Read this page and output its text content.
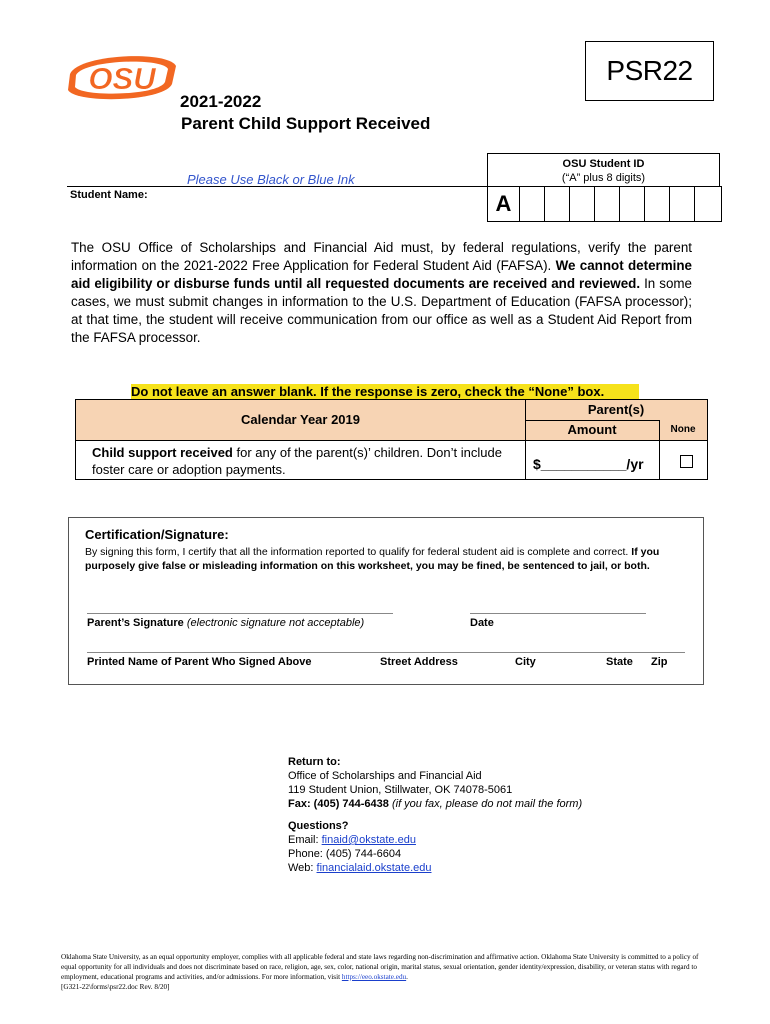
OSU	PSR22
2021-2022
Parent Child Support Received
Please Use Black or Blue Ink
OSU Student ID
(“A” plus 8 digits)
A
Student Name:
The OSU Office of Scholarships and Financial Aid must, by federal regulations, verify the parent information on the 2021-2022 Free Application for Federal Student Aid (FAFSA). We cannot determine aid eligibility or disburse funds until all requested documents are received and reviewed. In some cases, we must submit changes in information to the U.S. Department of Education (FAFSA processor); at that time, the student will receive communication from our office as well as a Student Aid Report from the FAFSA processor.
Do not leave an answer blank. If the response is zero, check the “None” box.
Calendar Year 2019
Parent(s)
Amount	None
Child support received for any of the parent(s)’ children. Don’t include foster care or adoption payments.	$___________/yr
Certification/Signature:
By signing this form, I certify that all the information reported to qualify for federal student aid is complete and correct. If you purposely give false or misleading information on this worksheet, you may be fined, be sentenced to jail, or both.
Parent’s Signature (electronic signature not acceptable)	Date
Printed Name of Parent Who Signed Above	Street Address	City	State Zip
Return to:
Office of Scholarships and Financial Aid
119 Student Union, Stillwater, OK 74078-5061
Fax: (405) 744-6438 (if you fax, please do not mail the form)
Questions?
Email: finaid@okstate.edu
Phone: (405) 744-6604
Web: financialaid.okstate.edu
Oklahoma State University, as an equal opportunity employer, complies with all applicable federal and state laws regarding non-discrimination and affirmative action. Oklahoma State University is committed to a policy of equal opportunity for all individuals and does not discriminate based on race, religion, age, sex, color, national origin, marital status, sexual orientation, gender identity/expression, disability, or veteran status with regard to employment, educational programs and activities, and/or admissions. For more information, visit https://eeo.okstate.edu.
[G321-22\forms\psr22.doc Rev. 8/20]
